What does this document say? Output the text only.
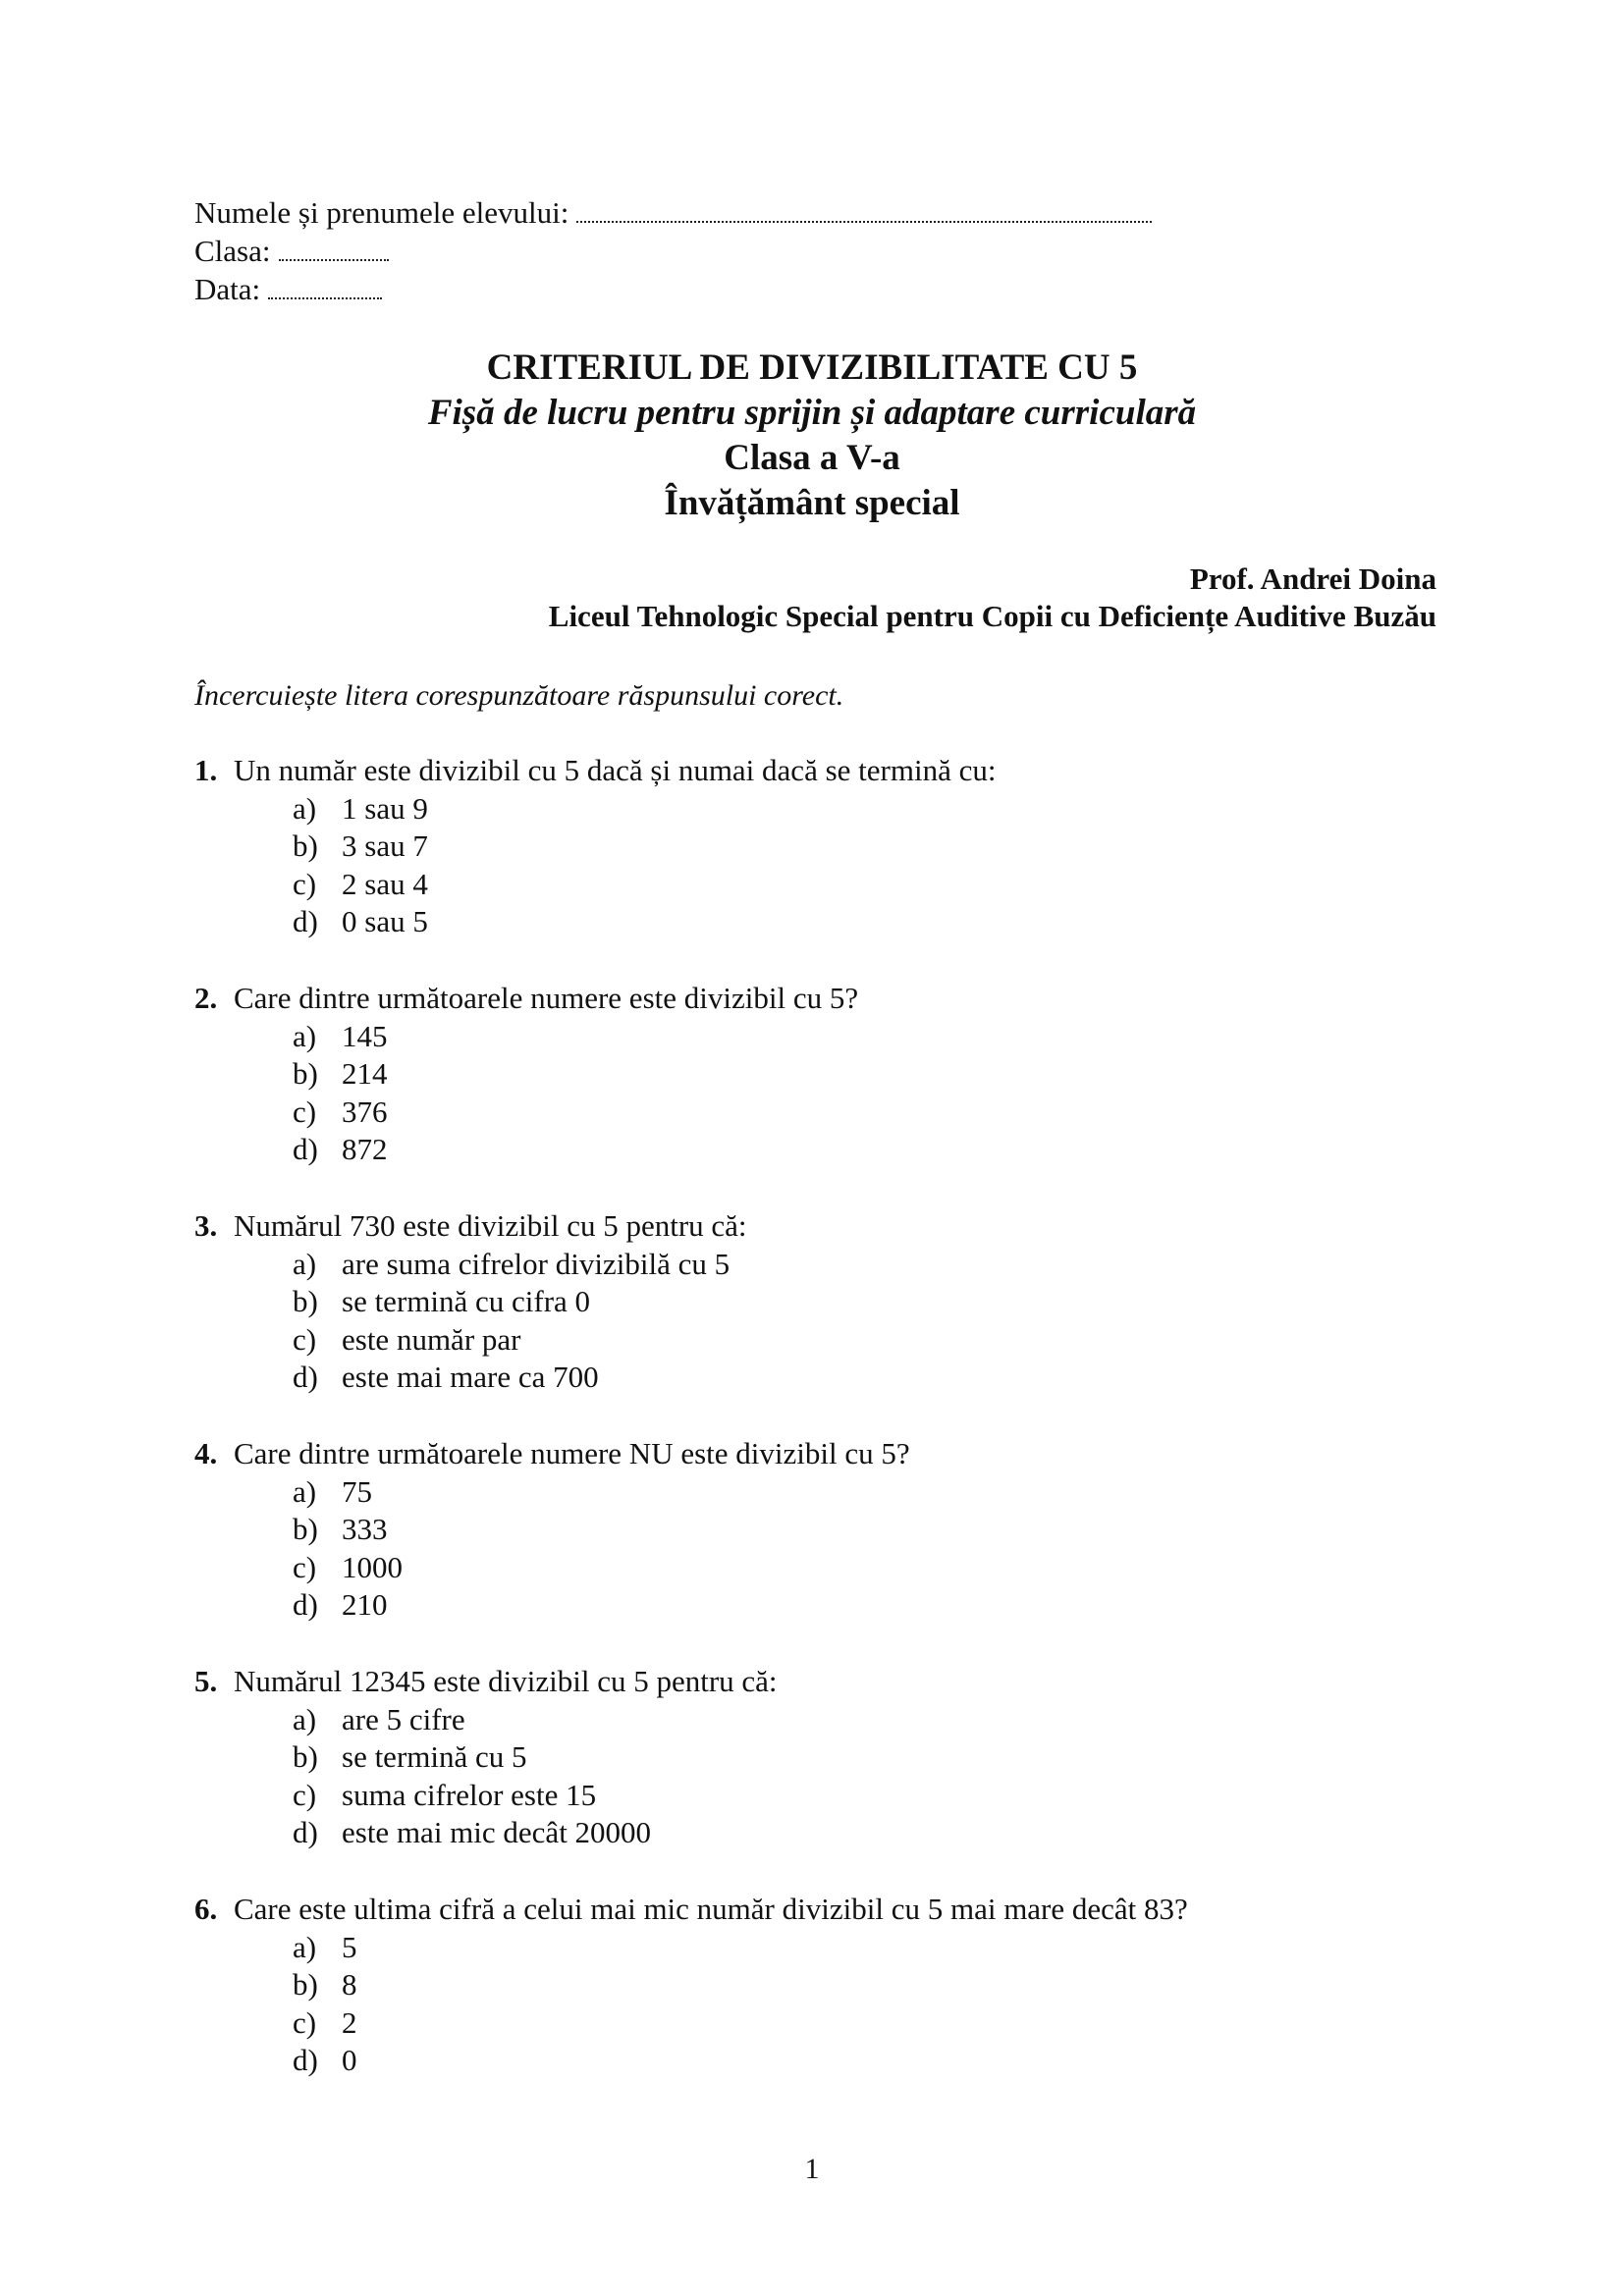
Numele și prenumele elevului:
Clasa:
Data:
CRITERIUL DE DIVIZIBILITATE CU 5
Fișă de lucru pentru sprijin și adaptare curriculară
Clasa a V-a
Învățământ special
Prof. Andrei Doina
Liceul Tehnologic Special pentru Copii cu Deficiențe Auditive Buzău
Încercuiește litera corespunzătoare răspunsului corect.
1. Un număr este divizibil cu 5 dacă și numai dacă se termină cu:
a) 1 sau 9
b) 3 sau 7
c) 2 sau 4
d) 0 sau 5
2. Care dintre următoarele numere este divizibil cu 5?
a) 145
b) 214
c) 376
d) 872
3. Numărul 730 este divizibil cu 5 pentru că:
a) are suma cifrelor divizibilă cu 5
b) se termină cu cifra 0
c) este număr par
d) este mai mare ca 700
4. Care dintre următoarele numere NU este divizibil cu 5?
a) 75
b) 333
c) 1000
d) 210
5. Numărul 12345 este divizibil cu 5 pentru că:
a) are 5 cifre
b) se termină cu 5
c) suma cifrelor este 15
d) este mai mic decât 20000
6. Care este ultima cifră a celui mai mic număr divizibil cu 5 mai mare decât 83?
a) 5
b) 8
c) 2
d) 0
1
